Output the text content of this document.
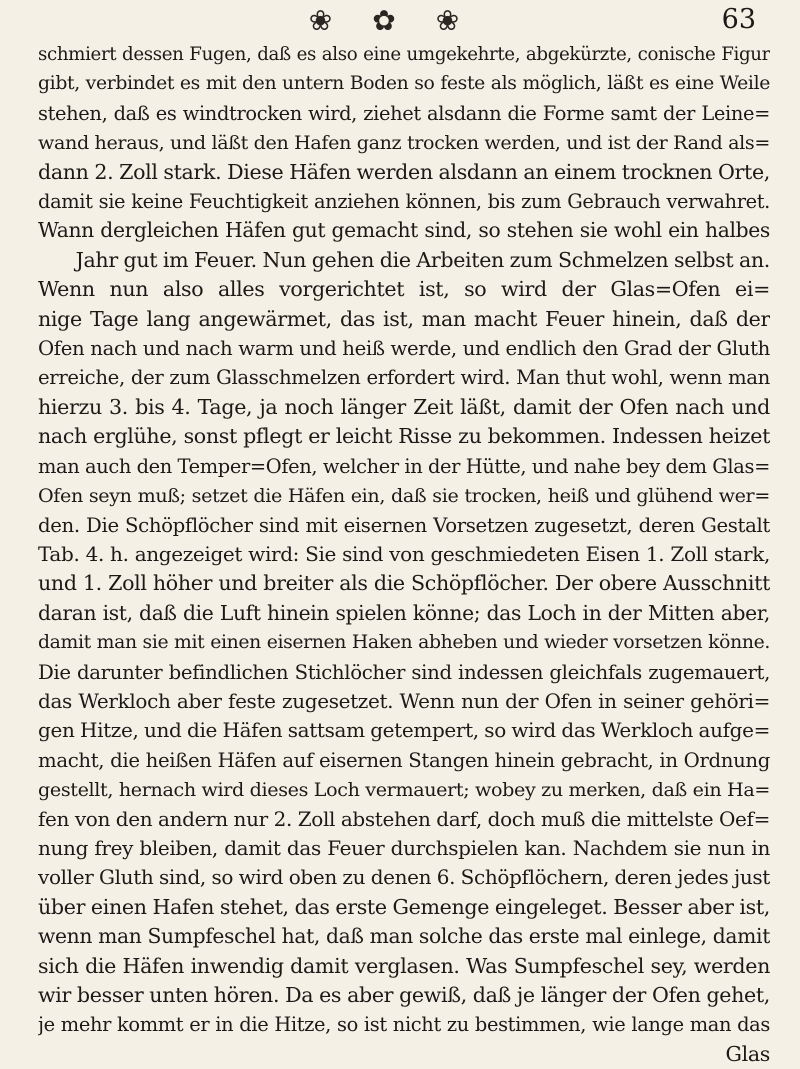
❀✿❀	63

schmiert dessen Fugen, daß es also eine umgekehrte, abgekürzte, conische Figur
gibt, verbindet es mit den untern Boden so feste als möglich, läßt es eine Weile
stehen, daß es windtrocken wird, ziehet alsdann die Forme samt der Leine=
wand heraus, und läßt den Hafen ganz trocken werden, und ist der Rand als=
dann 2. Zoll stark. Diese Häfen werden alsdann an einem trocknen Orte,
damit sie keine Feuchtigkeit anziehen können, bis zum Gebrauch verwahret.
Wann dergleichen Häfen gut gemacht sind, so stehen sie wohl ein halbes
Jahr gut im Feuer. Nun gehen die Arbeiten zum Schmelzen selbst an.
Wenn nun also alles vorgerichtet ist, so wird der Glas=Ofen ei=
nige Tage lang angewärmet, das ist, man macht Feuer hinein, daß der
Ofen nach und nach warm und heiß werde, und endlich den Grad der Gluth
erreiche, der zum Glasschmelzen erfordert wird. Man thut wohl, wenn man
hierzu 3. bis 4. Tage, ja noch länger Zeit läßt, damit der Ofen nach und
nach erglühe, sonst pflegt er leicht Risse zu bekommen. Indessen heizet
man auch den Temper=Ofen, welcher in der Hütte, und nahe bey dem Glas=
Ofen seyn muß; setzet die Häfen ein, daß sie trocken, heiß und glühend wer=
den. Die Schöpflöcher sind mit eisernen Vorsetzen zugesetzt, deren Gestalt
Tab. 4. h. angezeiget wird: Sie sind von geschmiedeten Eisen 1. Zoll stark,
und 1. Zoll höher und breiter als die Schöpflöcher. Der obere Ausschnitt
daran ist, daß die Luft hinein spielen könne; das Loch in der Mitten aber,
damit man sie mit einen eisernen Haken abheben und wieder vorsetzen könne.
Die darunter befindlichen Stichlöcher sind indessen gleichfals zugemauert,
das Werkloch aber feste zugesetzet. Wenn nun der Ofen in seiner gehöri=
gen Hitze, und die Häfen sattsam getempert, so wird das Werkloch aufge=
macht, die heißen Häfen auf eisernen Stangen hinein gebracht, in Ordnung
gestellt, hernach wird dieses Loch vermauert; wobey zu merken, daß ein Ha=
fen von den andern nur 2. Zoll abstehen darf, doch muß die mittelste Oef=
nung frey bleiben, damit das Feuer durchspielen kan. Nachdem sie nun in
voller Gluth sind, so wird oben zu denen 6. Schöpflöchern, deren jedes just
über einen Hafen stehet, das erste Gemenge eingeleget. Besser aber ist,
wenn man Sumpfeschel hat, daß man solche das erste mal einlege, damit
sich die Häfen inwendig damit verglasen. Was Sumpfeschel sey, werden
wir besser unten hören. Da es aber gewiß, daß je länger der Ofen gehet,
je mehr kommt er in die Hitze, so ist nicht zu bestimmen, wie lange man das
Glas
